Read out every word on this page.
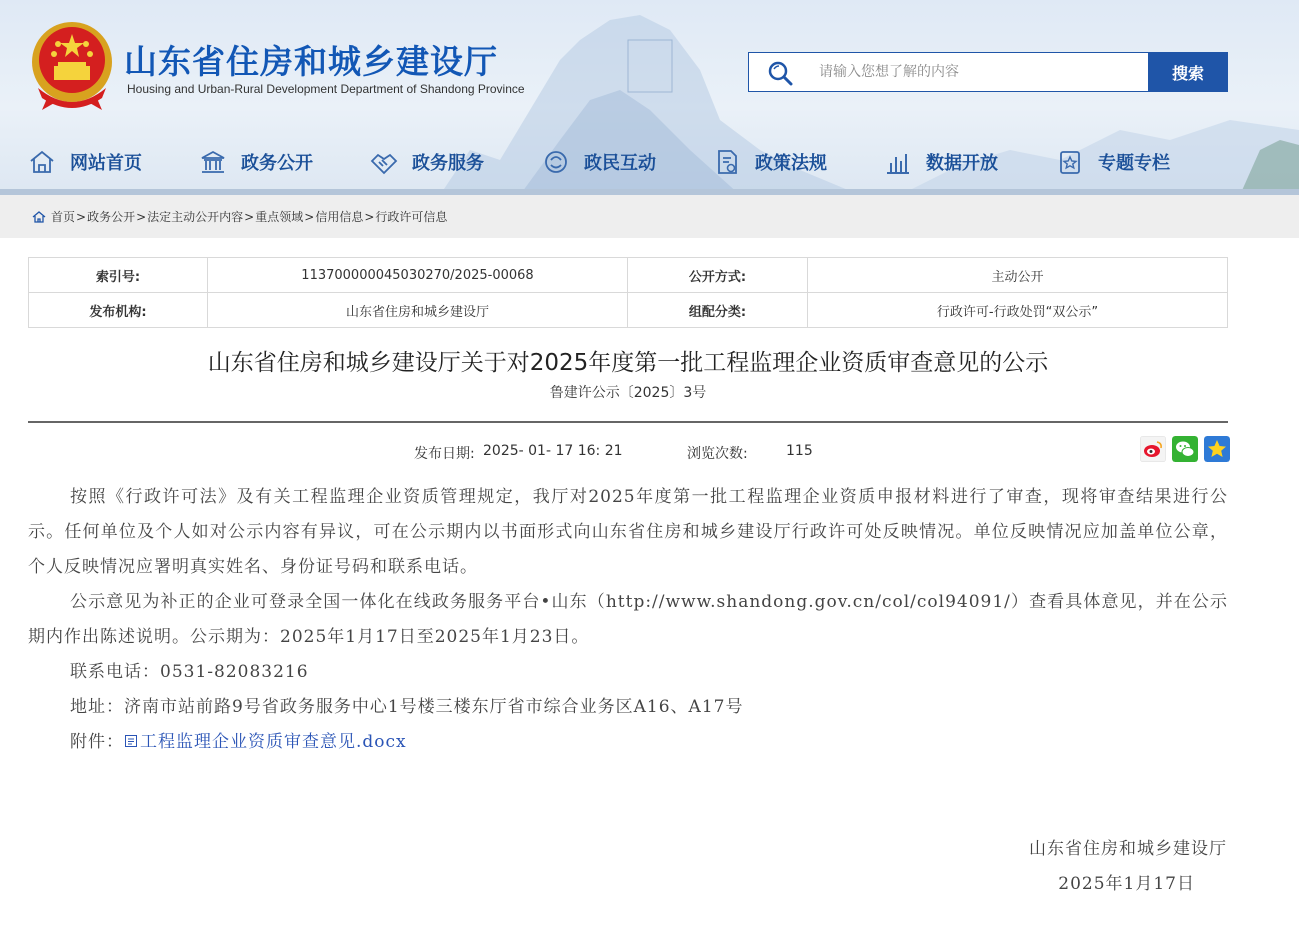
山东省住房和城乡建设厅
Housing and Urban-Rural Development Department of Shandong Province
请输入您想了解的内容
搜索
网站首页	政务公开	政务服务	政民互动	政策法规	数据开放	专题专栏
首页 > 政务公开 > 法定主动公开内容 > 重点领域 > 信用信息 > 行政许可信息
索引号:	113700000045030270/2025-00068	公开方式:	主动公开
发布机构:	山东省住房和城乡建设厅	组配分类:	行政许可-行政处罚“双公示”
山东省住房和城乡建设厅关于对2025年度第一批工程监理企业资质审查意见的公示
鲁建许公示〔2025〕3号
发布日期: 2025- 01- 17 16: 21	浏览次数:	115

按照《行政许可法》及有关工程监理企业资质管理规定，我厅对2025年度第一批工程监理企业资质申报材料进行了审查，现将审查结果进行公示。任何单位及个人如对公示内容有异议，可在公示期内以书面形式向山东省住房和城乡建设厅行政许可处反映情况。单位反映情况应加盖单位公章，个人反映情况应署明真实姓名、身份证号码和联系电话。

公示意见为补正的企业可登录全国一体化在线政务服务平台•山东（http://www.shandong.gov.cn/col/col94091/）查看具体意见，并在公示期内作出陈述说明。公示期为：2025年1月17日至2025年1月23日。

联系电话：0531-82083216

地址：济南市站前路9号省政务服务中心1号楼三楼东厅省市综合业务区A16、A17号

附件： 工程监理企业资质审查意见.docx

山东省住房和城乡建设厅
2025年1月17日
